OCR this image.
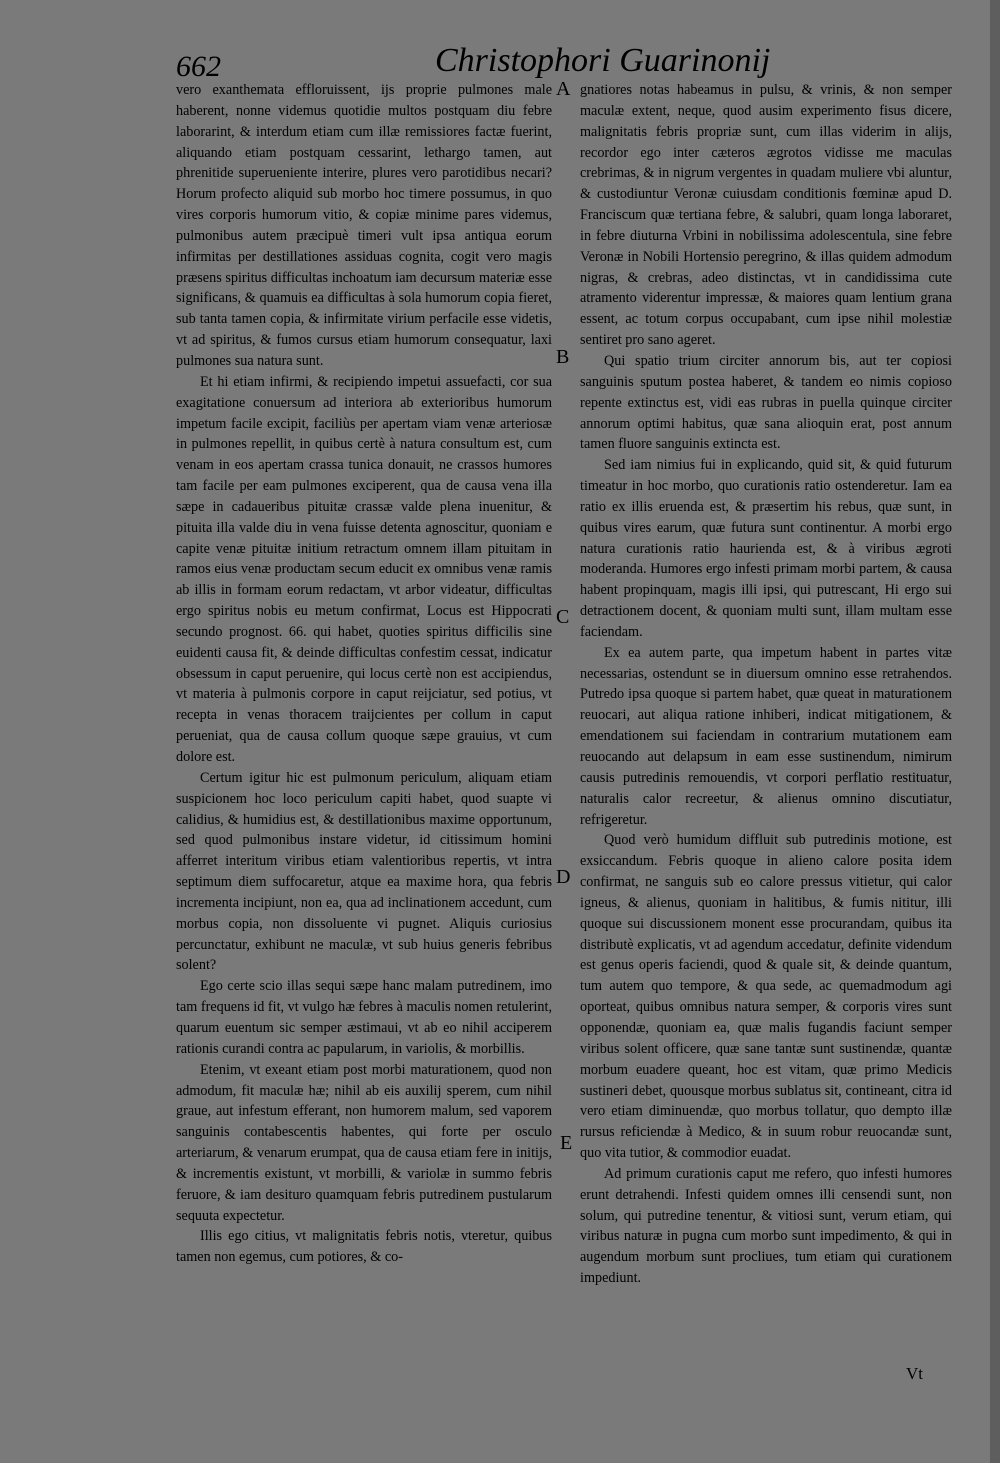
662	Christophori Guarinonij

vero exanthemata effloruissent, ijs proprie pulmones male haberent, nonne videmus quotidie multos postquam diu febre laborarint, & interdum etiam cum illæ remissiores factæ fuerint, aliquando etiam postquam cessarint, lethargo tamen, aut phrenitide superueniente interire, plures vero parotidibus necari? Horum profecto aliquid sub morbo hoc timere possumus, in quo vires corporis humorum vitio, & copiæ minime pares videmus, pulmonibus autem præcipuè timeri vult ipsa antiqua eorum infirmitas per destillationes assiduas cognita, cogit vero magis præsens spiritus difficultas inchoatum iam decursum materiæ esse significans, & quamuis ea difficultas à sola humorum copia fieret, sub tanta tamen copia, & infirmitate virium perfacile esse videtis, vt ad spiritus, & fumos cursus etiam humorum consequatur, laxi pulmones sua natura sunt.

Et hi etiam infirmi, & recipiendo impetui assuefacti, cor sua exagitatione conuersum ad interiora ab exterioribus humorum impetum facile excipit, faciliùs per apertam viam venæ arteriosæ in pulmones repellit, in quibus certè à natura consultum est, cum venam in eos apertam crassa tunica donauit, ne crassos humores tam facile per eam pulmones exciperent, qua de causa vena illa sæpe in cadaueribus pituitæ crassæ valde plena inuenitur, & pituita illa valde diu in vena fuisse detenta agnoscitur, quoniam e capite venæ pituitæ initium retractum omnem illam pituitam in ramos eius venæ productam secum educit ex omnibus venæ ramis ab illis in formam eorum redactam, vt arbor videatur, difficultas ergo spiritus nobis eu metum confirmat, Locus est Hippocrati secundo prognost. 66. qui habet, quoties spiritus difficilis sine euidenti causa fit, & deinde difficultas confestim cessat, indicatur obsessum in caput peruenire, qui locus certè non est accipiendus, vt materia à pulmonis corpore in caput reijciatur, sed potius, vt recepta in venas thoracem traijcientes per collum in caput perueniat, qua de causa collum quoque sæpe grauius, vt cum dolore est.

Certum igitur hic est pulmonum periculum, aliquam etiam suspicionem hoc loco periculum capiti habet, quod suapte vi calidius, & humidius est, & destillationibus maxime opportunum, sed quod pulmonibus instare videtur, id citissimum homini afferret interitum viribus etiam valentioribus repertis, vt intra septimum diem suffocaretur, atque ea maxime hora, qua febris incrementa incipiunt, non ea, qua ad inclinationem accedunt, cum morbus copia, non dissoluente vi pugnet. Aliquis curiosius percunctatur, exhibunt ne maculæ, vt sub huius generis febribus solent?

Ego certe scio illas sequi sæpe hanc malam putredinem, imo tam frequens id fit, vt vulgo hæ febres à maculis nomen retulerint, quarum euentum sic semper æstimaui, vt ab eo nihil acciperem rationis curandi contra ac papularum, in variolis, & morbillis.

Etenim, vt exeant etiam post morbi maturationem, quod non admodum, fit maculæ hæ; nihil ab eis auxilij sperem, cum nihil graue, aut infestum efferant, non humorem malum, sed vaporem sanguinis contabescentis habentes, qui forte per osculo arteriarum, & venarum erumpat, qua de causa etiam fere in initijs, & incrementis existunt, vt morbilli, & variolæ in summo febris feruore, & iam desituro quamquam febris putredinem pustularum sequuta expectetur.

Illis ego citius, vt malignitatis febris notis, vteretur, quibus tamen non egemus, cum potiores, & co-

gnatiores notas habeamus in pulsu, & vrinis, & non semper maculæ extent, neque, quod ausim experimento fisus dicere, malignitatis febris propriæ sunt, cum illas viderim in alijs, recordor ego inter cæteros ægrotos vidisse me maculas crebrimas, & in nigrum vergentes in quadam muliere vbi aluntur, & custodiuntur Veronæ cuiusdam conditionis fœminæ apud D. Franciscum quæ tertiana febre, & salubri, quam longa laboraret, in febre diuturna Vrbini in nobilissima adolescentula, sine febre Veronæ in Nobili Hortensio peregrino, & illas quidem admodum nigras, & crebras, adeo distinctas, vt in candidissima cute atramento viderentur impressæ, & maiores quam lentium grana essent, ac totum corpus occupabant, cum ipse nihil molestiæ sentiret pro sano ageret.

Qui spatio trium circiter annorum bis, aut ter copiosi sanguinis sputum postea haberet, & tandem eo nimis copioso repente extinctus est, vidi eas rubras in puella quinque circiter annorum optimi habitus, quæ sana alioquin erat, post annum tamen fluore sanguinis extincta est.

Sed iam nimius fui in explicando, quid sit, & quid futurum timeatur in hoc morbo, quo curationis ratio ostenderetur. Iam ea ratio ex illis eruenda est, & præsertim his rebus, quæ sunt, in quibus vires earum, quæ futura sunt continentur. A morbi ergo natura curationis ratio haurienda est, & à viribus ægroti moderanda. Humores ergo infesti primam morbi partem, & causa habent propinquam, magis illi ipsi, qui putrescant, Hi ergo sui detractionem docent, & quoniam multi sunt, illam multam esse faciendam.

Ex ea autem parte, qua impetum habent in partes vitæ necessarias, ostendunt se in diuersum omnino esse retrahendos. Putredo ipsa quoque si partem habet, quæ queat in maturationem reuocari, aut aliqua ratione inhiberi, indicat mitigationem, & emendationem sui faciendam in contrarium mutationem eam reuocando aut delapsum in eam esse sustinendum, nimirum causis putredinis remouendis, vt corpori perflatio restituatur, naturalis calor recreetur, & alienus omnino discutiatur, refrigeretur.

Quod verò humidum diffluit sub putredinis motione, est exsiccandum. Febris quoque in alieno calore posita idem confirmat, ne sanguis sub eo calore pressus vitietur, qui calor igneus, & alienus, quoniam in halitibus, & fumis nititur, illi quoque sui discussionem monent esse procurandam, quibus ita distributè explicatis, vt ad agendum accedatur, definite videndum est genus operis faciendi, quod & quale sit, & deinde quantum, tum autem quo tempore, & qua sede, ac quemadmodum agi oporteat, quibus omnibus natura semper, & corporis vires sunt opponendæ, quoniam ea, quæ malis fugandis faciunt semper viribus solent officere, quæ sane tantæ sunt sustinendæ, quantæ morbum euadere queant, hoc est vitam, quæ primo Medicis sustineri debet, quousque morbus sublatus sit, contineant, citra id vero etiam diminuendæ, quo morbus tollatur, quo dempto illæ rursus reficiendæ à Medico, & in suum robur reuocandæ sunt, quo vita tutior, & commodior euadat.

Ad primum curationis caput me refero, quo infesti humores erunt detrahendi. Infesti quidem omnes illi censendi sunt, non solum, qui putredine tenentur, & vitiosi sunt, verum etiam, qui viribus naturæ in pugna cum morbo sunt impedimento, & qui in augendum morbum sunt procliues, tum etiam qui curationem impediunt.

A
B
C
D
E
Vt
